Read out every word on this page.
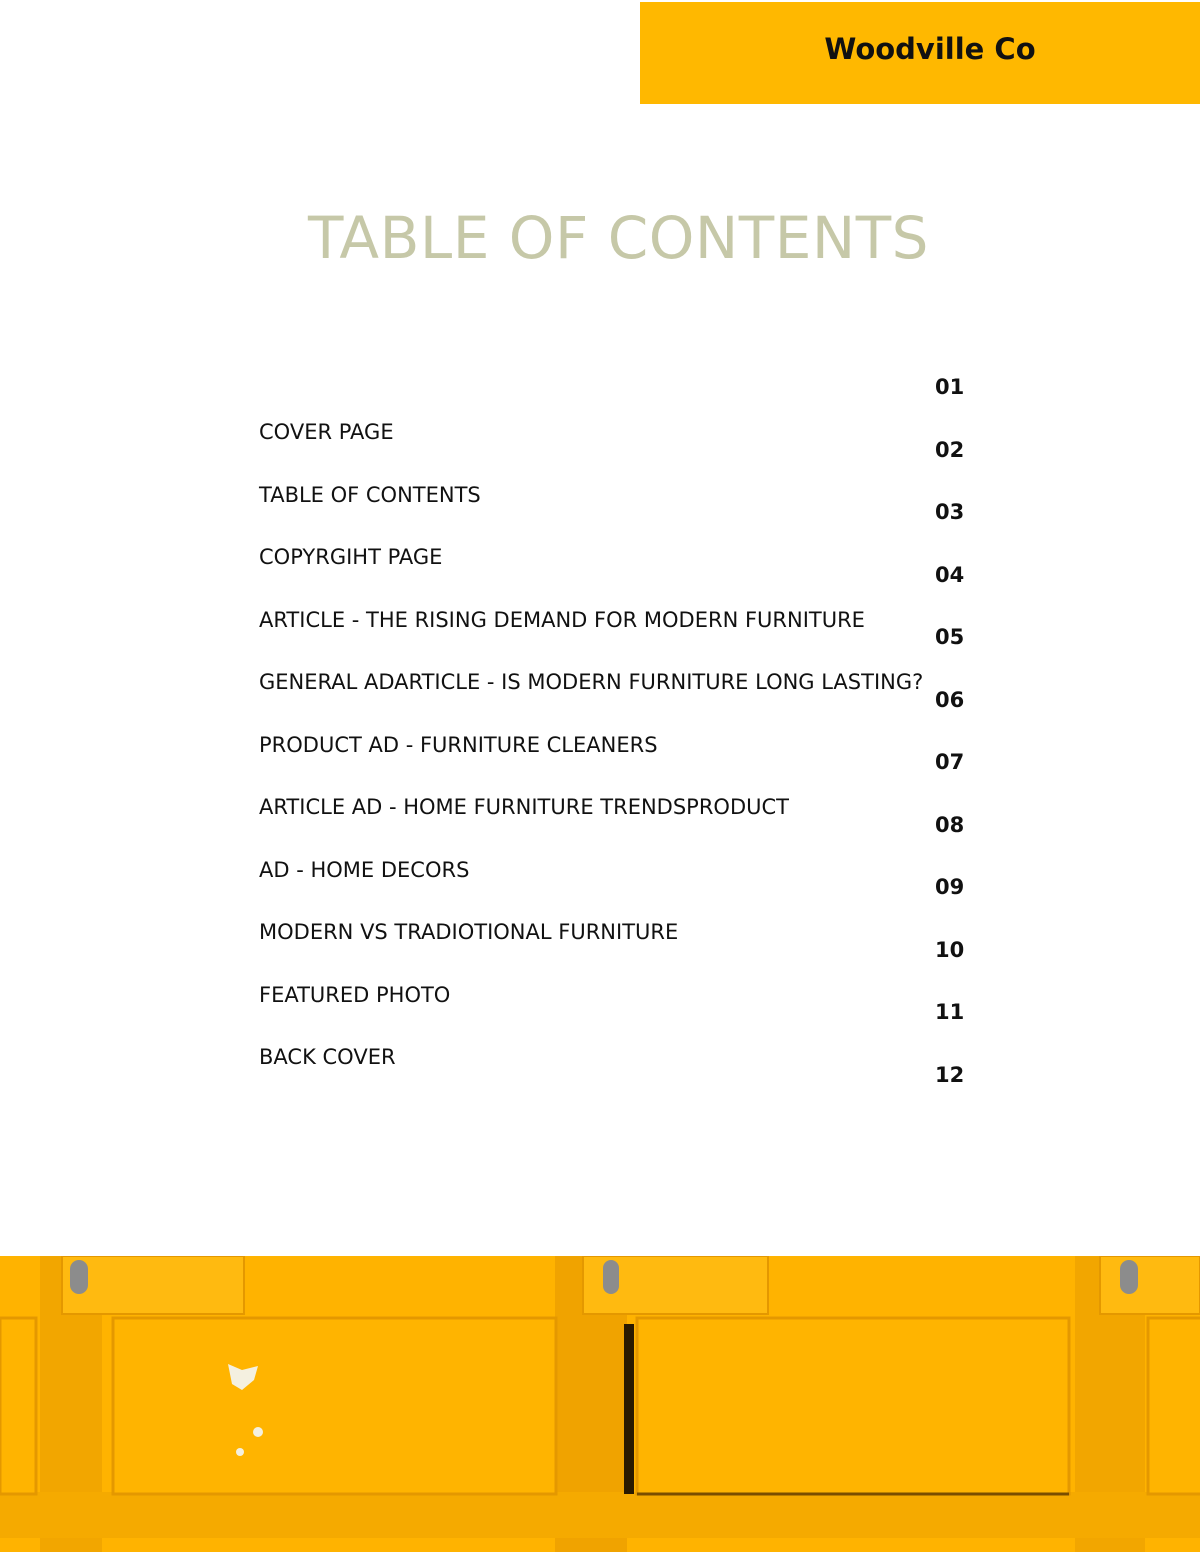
Woodville Co
TABLE OF CONTENTS
COVER PAGE
TABLE OF CONTENTS
COPYRGIHT PAGE
ARTICLE - THE RISING DEMAND FOR MODERN FURNITURE
GENERAL ADARTICLE - IS MODERN FURNITURE LONG LASTING?
PRODUCT AD - FURNITURE CLEANERS
ARTICLE AD - HOME FURNITURE TRENDSPRODUCT
AD - HOME DECORS
MODERN VS TRADIOTIONAL FURNITURE
FEATURED PHOTO
BACK COVER
01
02
03
04
05
06
07
08
09
10
11
12
